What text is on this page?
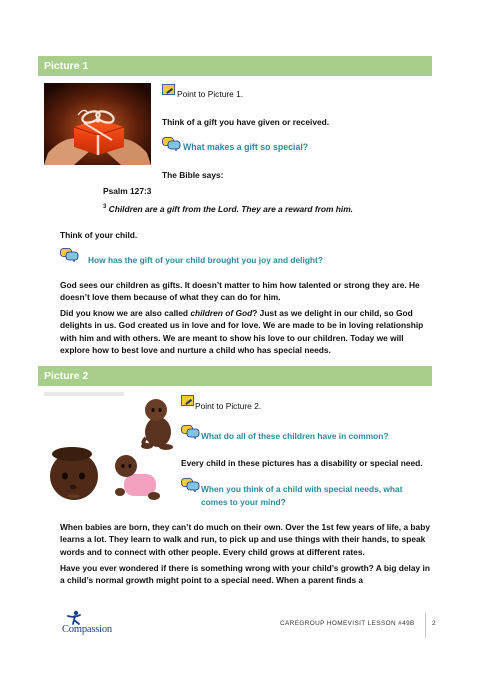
Picture 1
Point to Picture 1.
Think of a gift you have given or received.
What makes a gift so special?
The Bible says:
Psalm 127:3
$^3$ Children are a gift from the Lord. They are a reward from him.
Think of your child.
How has the gift of your child brought you joy and delight?
God sees our children as gifts. It doesn’t matter to him how talented or strong they are. He doesn’t love them because of what they can do for him.
Did you know we are also called children of God? Just as we delight in our child, so God delights in us. God created us in love and for love. We are made to be in loving relationship with him and with others. We are meant to show his love to our children. Today we will explore how to best love and nurture a child who has special needs.
Picture 2
Point to Picture 2.
What do all of these children have in common?
Every child in these pictures has a disability or special need.
When you think of a child with special needs, what comes to your mind?
When babies are born, they can’t do much on their own. Over the 1st few years of life, a baby learns a lot. They learn to walk and run, to pick up and use things with their hands, to speak words and to connect with other people. Every child grows at different rates.
Have you ever wondered if there is something wrong with your child’s growth? A big delay in a child’s normal growth might point to a special need. When a parent finds a
Compassion
CAREGROUP HOMEVISIT LESSON #49B	2
